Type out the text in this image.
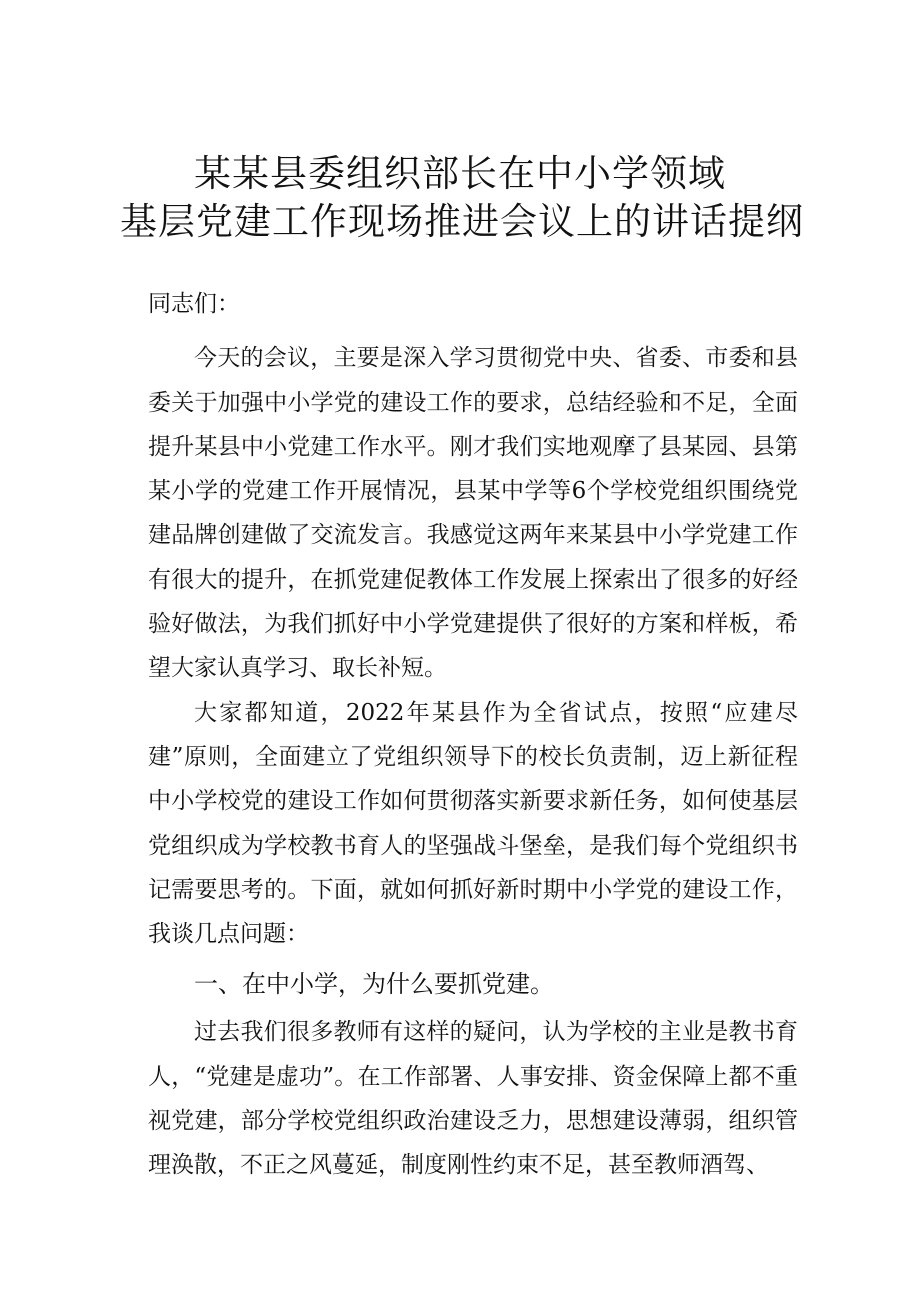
某某县委组织部长在中小学领域
基层党建工作现场推进会议上的讲话提纲

同志们：

今天的会议，主要是深入学习贯彻党中央、省委、市委和县委关于加强中小学党的建设工作的要求，总结经验和不足，全面提升某县中小党建工作水平。刚才我们实地观摩了县某园、县第某小学的党建工作开展情况，县某中学等6个学校党组织围绕党建品牌创建做了交流发言。我感觉这两年来某县中小学党建工作有很大的提升，在抓党建促教体工作发展上探索出了很多的好经验好做法，为我们抓好中小学党建提供了很好的方案和样板，希望大家认真学习、取长补短。

大家都知道，2022年某县作为全省试点，按照“应建尽建”原则，全面建立了党组织领导下的校长负责制，迈上新征程中小学校党的建设工作如何贯彻落实新要求新任务，如何使基层党组织成为学校教书育人的坚强战斗堡垒，是我们每个党组织书记需要思考的。下面，就如何抓好新时期中小学党的建设工作，我谈几点问题：

一、在中小学，为什么要抓党建。

过去我们很多教师有这样的疑问，认为学校的主业是教书育人，“党建是虚功”。在工作部署、人事安排、资金保障上都不重视党建，部分学校党组织政治建设乏力，思想建设薄弱，组织管理涣散，不正之风蔓延，制度刚性约束不足，甚至教师酒驾、
